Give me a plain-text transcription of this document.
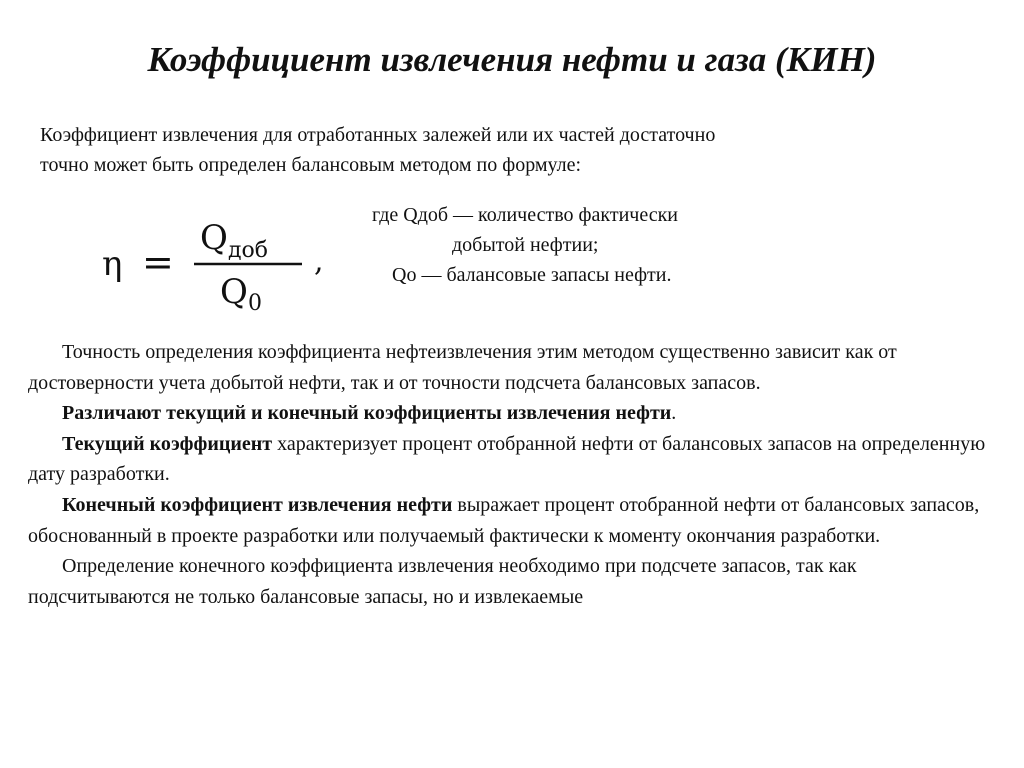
Коэффициент извлечения нефти и газа (КИН)
Коэффициент извлечения для отработанных залежей или их частей достаточно
точно может быть определен балансовым методом по формуле:
η =
Q доб
Q 0
,
где Qдоб — количество фактически
добытой нефтии;
Qo — балансовые запасы нефти.

Точность определения коэффициента нефтеизвлечения этим методом существенно зависит как от достоверности учета добытой нефти, так и от точности подсчета балансовых запасов.

Различают текущий и конечный коэффициенты извлечения нефти.

Текущий коэффициент характеризует процент отобранной нефти от балансовых запасов на определенную дату разработки.

Конечный коэффициент извлечения нефти выражает процент отобранной нефти от балансовых запасов, обоснованный в проекте разработки или получаемый фактически к моменту окончания разработки.

Определение конечного коэффициента извлечения необходимо при подсчете запасов, так как подсчитываются не только балансовые запасы, но и извлекаемые
